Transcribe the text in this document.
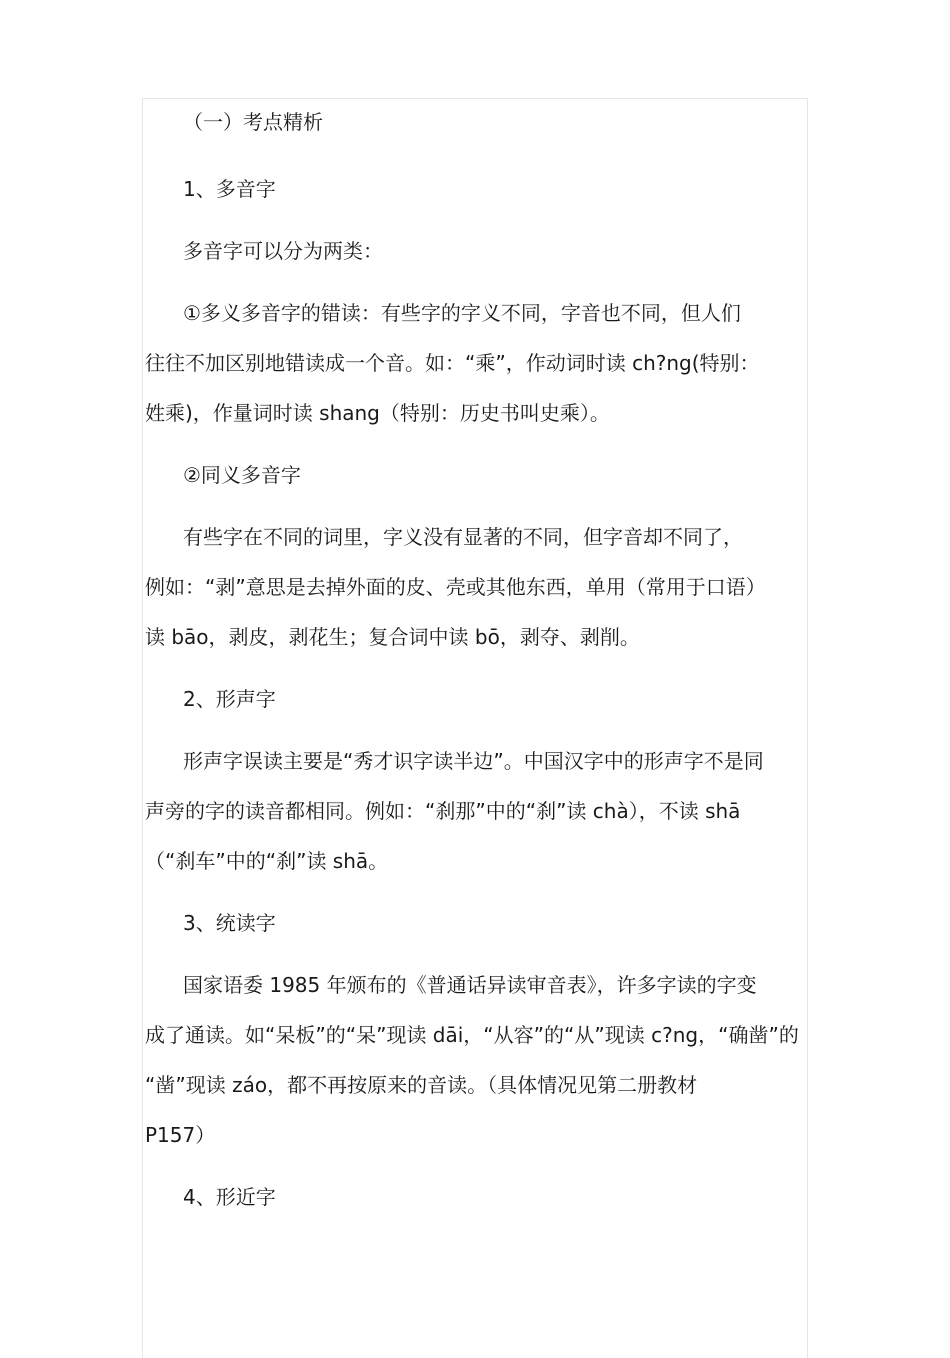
（一）考点精析
1、多音字
多音字可以分为两类：
①多义多音字的错读：有些字的字义不同，字音也不同，但人们
往往不加区别地错读成一个音。如：“乘”，作动词时读 ch?ng(特别：
姓乘)，作量词时读 shang（特别：历史书叫史乘）。
②同义多音字
有些字在不同的词里，字义没有显著的不同，但字音却不同了，
例如：“剥”意思是去掉外面的皮、壳或其他东西，单用（常用于口语）
读 bāo，剥皮，剥花生；复合词中读 bō，剥夺、剥削。
2、形声字
形声字误读主要是“秀才识字读半边”。中国汉字中的形声字不是同
声旁的字的读音都相同。例如：“刹那”中的“刹”读 chà），不读 shā
（“刹车”中的“刹”读 shā。
3、统读字
国家语委 1985 年颁布的《普通话异读审音表》，许多字读的字变
成了通读。如“呆板”的“呆”现读 dāi，“从容”的“从”现读 c?ng，“确凿”的
“凿”现读 záo，都不再按原来的音读。（具体情况见第二册教材
P157）
4、形近字
